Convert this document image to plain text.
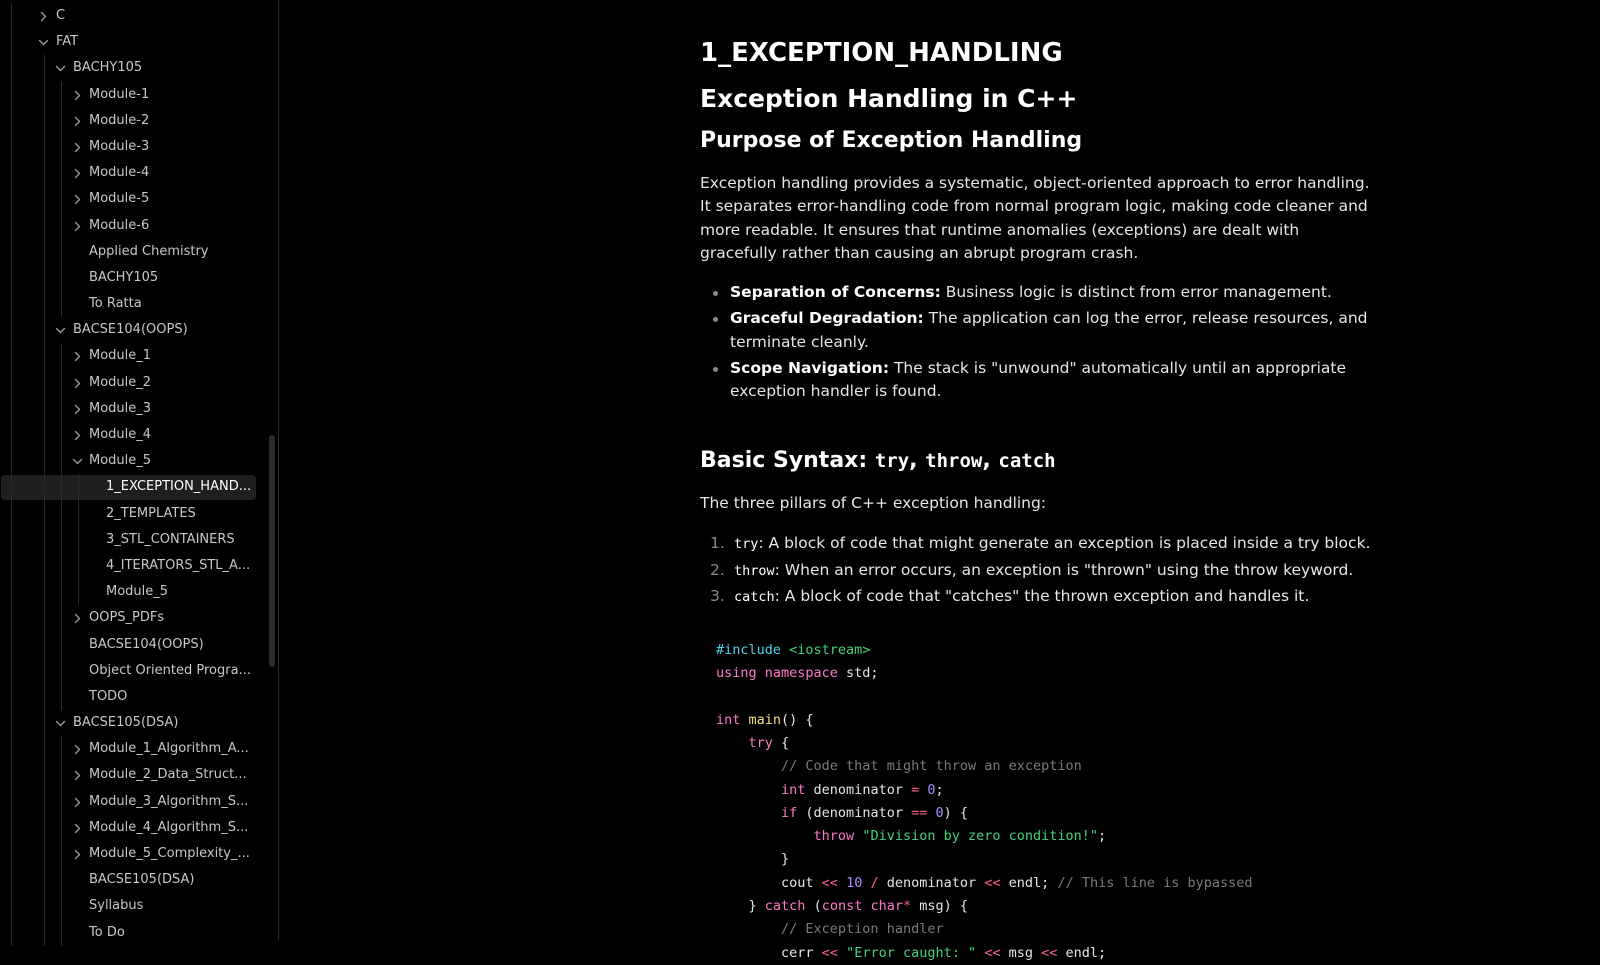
C
FAT
BACHY105
Module-1
Module-2
Module-3
Module-4
Module-5
Module-6
Applied Chemistry
BACHY105
To Ratta
BACSE104(OOPS)
Module_1
Module_2
Module_3
Module_4
Module_5
1_EXCEPTION_HAND...
2_TEMPLATES
3_STL_CONTAINERS
4_ITERATORS_STL_A...
Module_5
OOPS_PDFs
BACSE104(OOPS)
Object Oriented Progra...
TODO
BACSE105(DSA)
Module_1_Algorithm_A...
Module_2_Data_Struct...
Module_3_Algorithm_S...
Module_4_Algorithm_S...
Module_5_Complexity_...
BACSE105(DSA)
Syllabus
To Do
1_EXCEPTION_HANDLING
Exception Handling in C++
Purpose of Exception Handling

Exception handling provides a systematic, object-oriented approach to error handling. It separates error-handling code from normal program logic, making code cleaner and more readable. It ensures that runtime anomalies (exceptions) are dealt with gracefully rather than causing an abrupt program crash.

Separation of Concerns: Business logic is distinct from error management.
Graceful Degradation: The application can log the error, release resources, and terminate cleanly.
Scope Navigation: The stack is "unwound" automatically until an appropriate exception handler is found.
Basic Syntax: try, throw, catch

The three pillars of C++ exception handling:

1. try: A block of code that might generate an exception is placed inside a try block.
2. throw: When an error occurs, an exception is "thrown" using the throw keyword.
3. catch: A block of code that "catches" the thrown exception and handles it.
#include <iostream>
using namespace std;

int main() {
try {
// Code that might throw an exception
int denominator = 0;
if (denominator == 0) {
throw "Division by zero condition!";
}
cout << 10 / denominator << endl; // This line is bypassed
} catch (const char* msg) {
// Exception handler
cerr << "Error caught: " << msg << endl;
